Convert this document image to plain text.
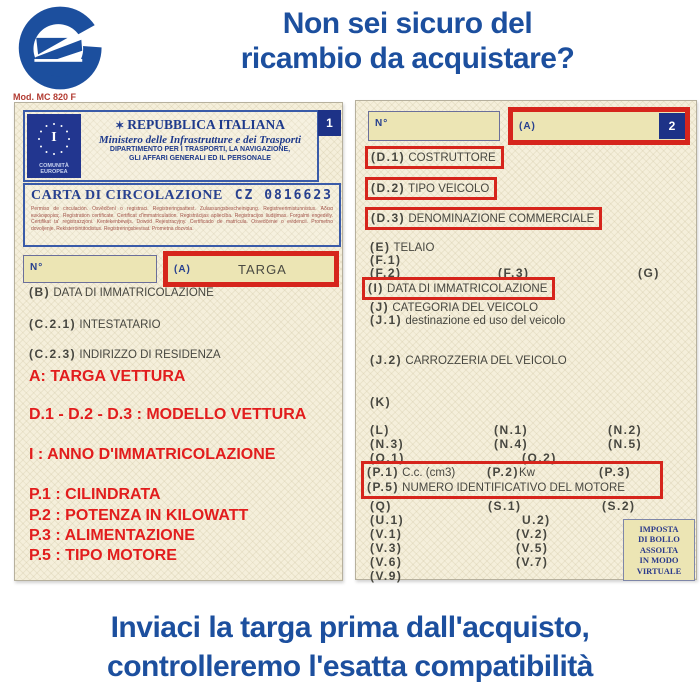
Non sei sicuro del
ricambio da acquistare?
Mod. MC 820 F
I
COMUNITÀ
EUROPEA
✶ REPUBBLICA ITALIANA
Ministero delle Infrastrutture e dei Trasporti
DIPARTIMENTO PER I TRASPORTI, LA NAVIGAZIONE,
GLI AFFARI GENERALI ED IL PERSONALE
1
CARTA DI CIRCOLAZIONE CZ 0816623
Permiso de circulación. Osvědčení o registraci. Registreringsattest. Zulassungsbescheinigung. Registreerimistunnistus. Άδεια κυκλοφορίας. Registration certificate. Certificat d'immatriculation. Registrācijas apliecība. Registracijos liudijimas. Forgalmi engedély. Ċertifikat ta' reġistrazzjoni. Kentekenbewijs. Dowód Rejestracyjny. Certificado de matrícula. Osvedčenie o evidencii. Prometno dovoljenje. Rekisteröintitodistus. Registreringsbevisat. Prometna dozvola.
N°	(A)	TARGA
(B) DATA DI IMMATRICOLAZIONE
(C.2.1) INTESTATARIO
(C.2.3) INDIRIZZO DI RESIDENZA
A: TARGA VETTURA
D.1 - D.2 - D.3 : MODELLO VETTURA
I : ANNO D'IMMATRICOLAZIONE
P.1 : CILINDRATA
P.2 : POTENZA IN KILOWATT
P.3 : ALIMENTAZIONE
P.5 : TIPO MOTORE
N°	(A)	2
(D.1) COSTRUTTORE
(D.2) TIPO VEICOLO
(D.3) DENOMINAZIONE COMMERCIALE
(E) TELAIO
(F.1)
(F.2)	(F.3)	(G)
(I) DATA DI IMMATRICOLAZIONE
(J) CATEGORIA DEL VEICOLO
(J.1) destinazione ed uso del veicolo
(J.2) CARROZZERIA DEL VEICOLO
(K)
(L)	(N.1)	(N.2)
(N.3)	(N.4)	(N.5)
(O.1)	(O.2)
(P.1) C.c. (cm3)	(P.2)Kw	(P.3)
(P.5) NUMERO IDENTIFICATIVO DEL MOTORE
(Q)	(S.1)	(S.2)
(U.1)	U.2)
(V.1)	(V.2)
(V.3)	(V.5)
(V.6)	(V.7)
(V.9)
IMPOSTA
DI BOLLO
ASSOLTA
IN MODO
VIRTUALE
Inviaci la targa prima dall'acquisto,
controlleremo l'esatta compatibilità
